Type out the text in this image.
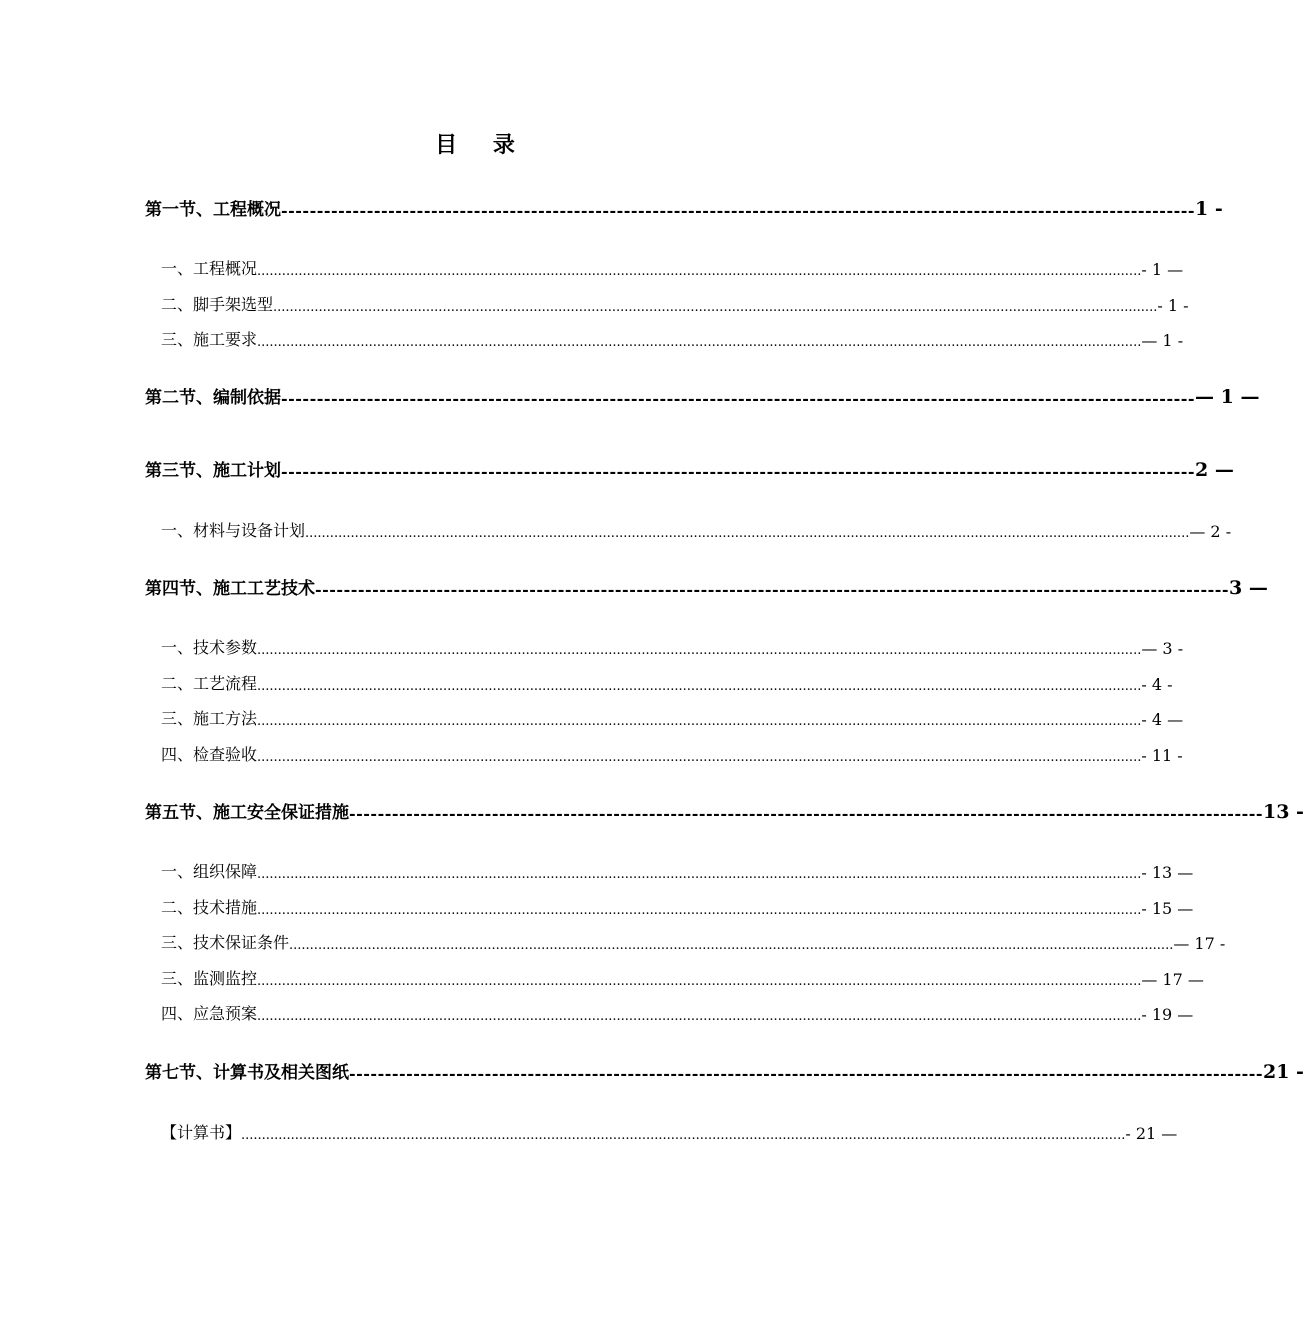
目 录
第一节、工程概况 -------------------------------------------------------------------------------------------------------------------------------- 1 -
一、工程概况 ...................................................................................................................................................................................................................... - 1 —
二、脚手架选型 ...................................................................................................................................................................................................................... - 1 -
三、施工要求 ...................................................................................................................................................................................................................... — 1 -
第二节、编制依据 -------------------------------------------------------------------------------------------------------------------------------- — 1 —
第三节、施工计划 -------------------------------------------------------------------------------------------------------------------------------- 2 —
一、材料与设备计划 ...................................................................................................................................................................................................................... — 2 -
第四节、施工工艺技术 -------------------------------------------------------------------------------------------------------------------------------- 3 —
一、技术参数 ...................................................................................................................................................................................................................... — 3 -
二、工艺流程 ...................................................................................................................................................................................................................... - 4 -
三、施工方法 ...................................................................................................................................................................................................................... - 4 —
四、检查验收 ...................................................................................................................................................................................................................... - 11 -
第五节、施工安全保证措施 -------------------------------------------------------------------------------------------------------------------------------- 13 -
一、组织保障 ...................................................................................................................................................................................................................... - 13 —
二、技术措施 ...................................................................................................................................................................................................................... - 15 —
三、技术保证条件 ...................................................................................................................................................................................................................... — 17 -
三、监测监控 ...................................................................................................................................................................................................................... — 17 —
四、应急预案 ...................................................................................................................................................................................................................... - 19 —
第七节、计算书及相关图纸 -------------------------------------------------------------------------------------------------------------------------------- 21 -
【计算书】 ...................................................................................................................................................................................................................... - 21 —
